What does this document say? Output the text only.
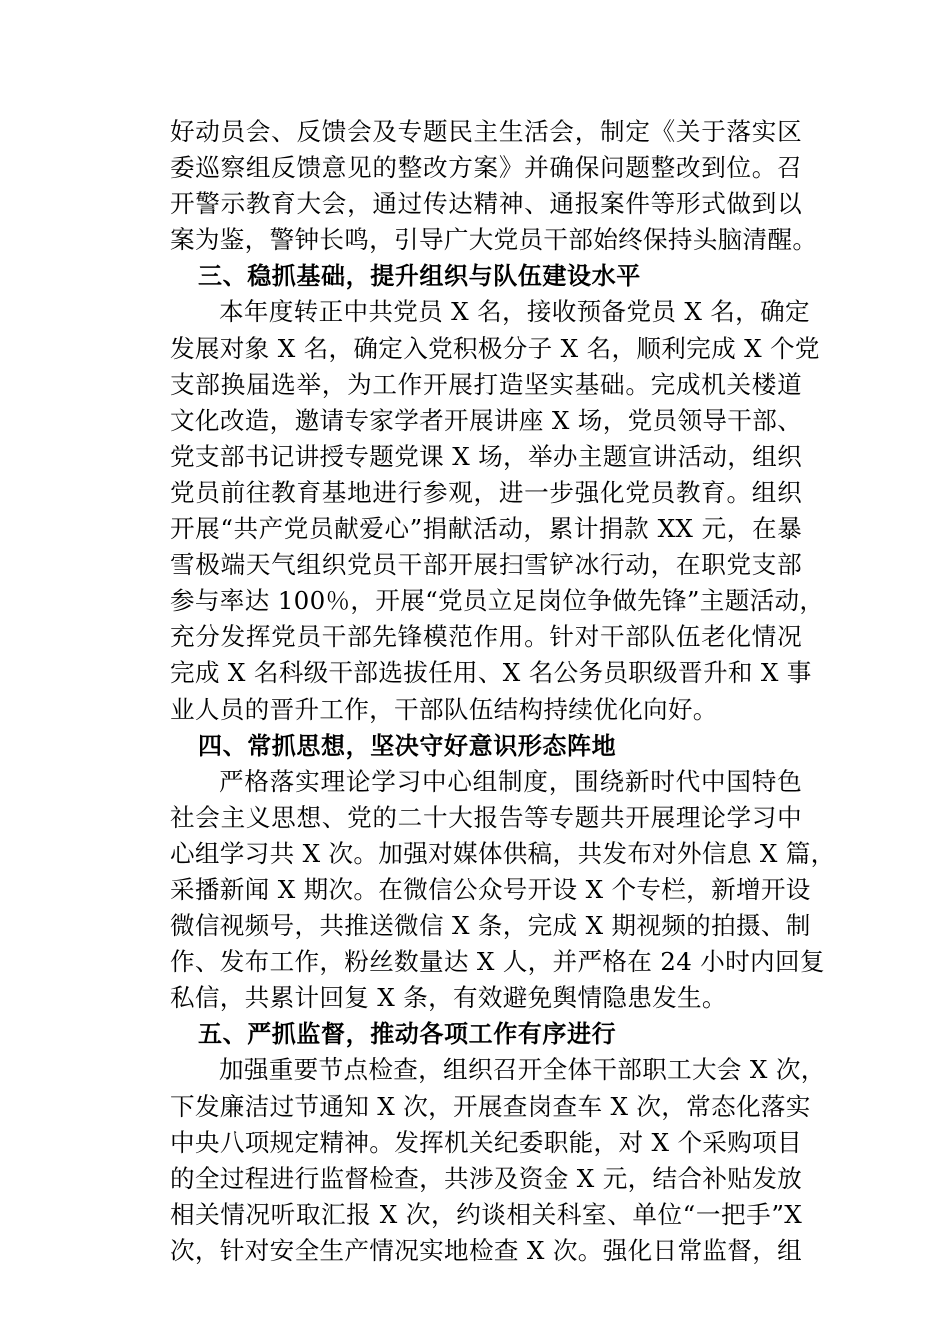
好动员会、反馈会及专题民主生活会，制定《关于落实区
委巡察组反馈意见的整改方案》并确保问题整改到位。召
开警示教育大会，通过传达精神、通报案件等形式做到以
案为鉴，警钟长鸣，引导广大党员干部始终保持头脑清醒。
三、稳抓基础，提升组织与队伍建设水平
本年度转正中共党员 X 名，接收预备党员 X 名，确定
发展对象 X 名，确定入党积极分子 X 名，顺利完成 X 个党
支部换届选举，为工作开展打造坚实基础。完成机关楼道
文化改造，邀请专家学者开展讲座 X 场，党员领导干部、
党支部书记讲授专题党课 X 场，举办主题宣讲活动，组织
党员前往教育基地进行参观，进一步强化党员教育。组织
开展“共产党员献爱心”捐献活动，累计捐款 XX 元，在暴
雪极端天气组织党员干部开展扫雪铲冰行动，在职党支部
参与率达 100％，开展“党员立足岗位争做先锋”主题活动，
充分发挥党员干部先锋模范作用。针对干部队伍老化情况
完成 X 名科级干部选拔任用、X 名公务员职级晋升和 X 事
业人员的晋升工作，干部队伍结构持续优化向好。
四、常抓思想，坚决守好意识形态阵地
严格落实理论学习中心组制度，围绕新时代中国特色
社会主义思想、党的二十大报告等专题共开展理论学习中
心组学习共 X 次。加强对媒体供稿，共发布对外信息 X 篇，
采播新闻 X 期次。在微信公众号开设 X 个专栏，新增开设
微信视频号，共推送微信 X 条，完成 X 期视频的拍摄、制
作、发布工作，粉丝数量达 X 人，并严格在 24 小时内回复
私信，共累计回复 X 条，有效避免舆情隐患发生。
五、严抓监督，推动各项工作有序进行
加强重要节点检查，组织召开全体干部职工大会 X 次，
下发廉洁过节通知 X 次，开展查岗查车 X 次，常态化落实
中央八项规定精神。发挥机关纪委职能，对 X 个采购项目
的全过程进行监督检查，共涉及资金 X 元，结合补贴发放
相关情况听取汇报 X 次，约谈相关科室、单位“一把手”X
次，针对安全生产情况实地检查 X 次。强化日常监督，组
